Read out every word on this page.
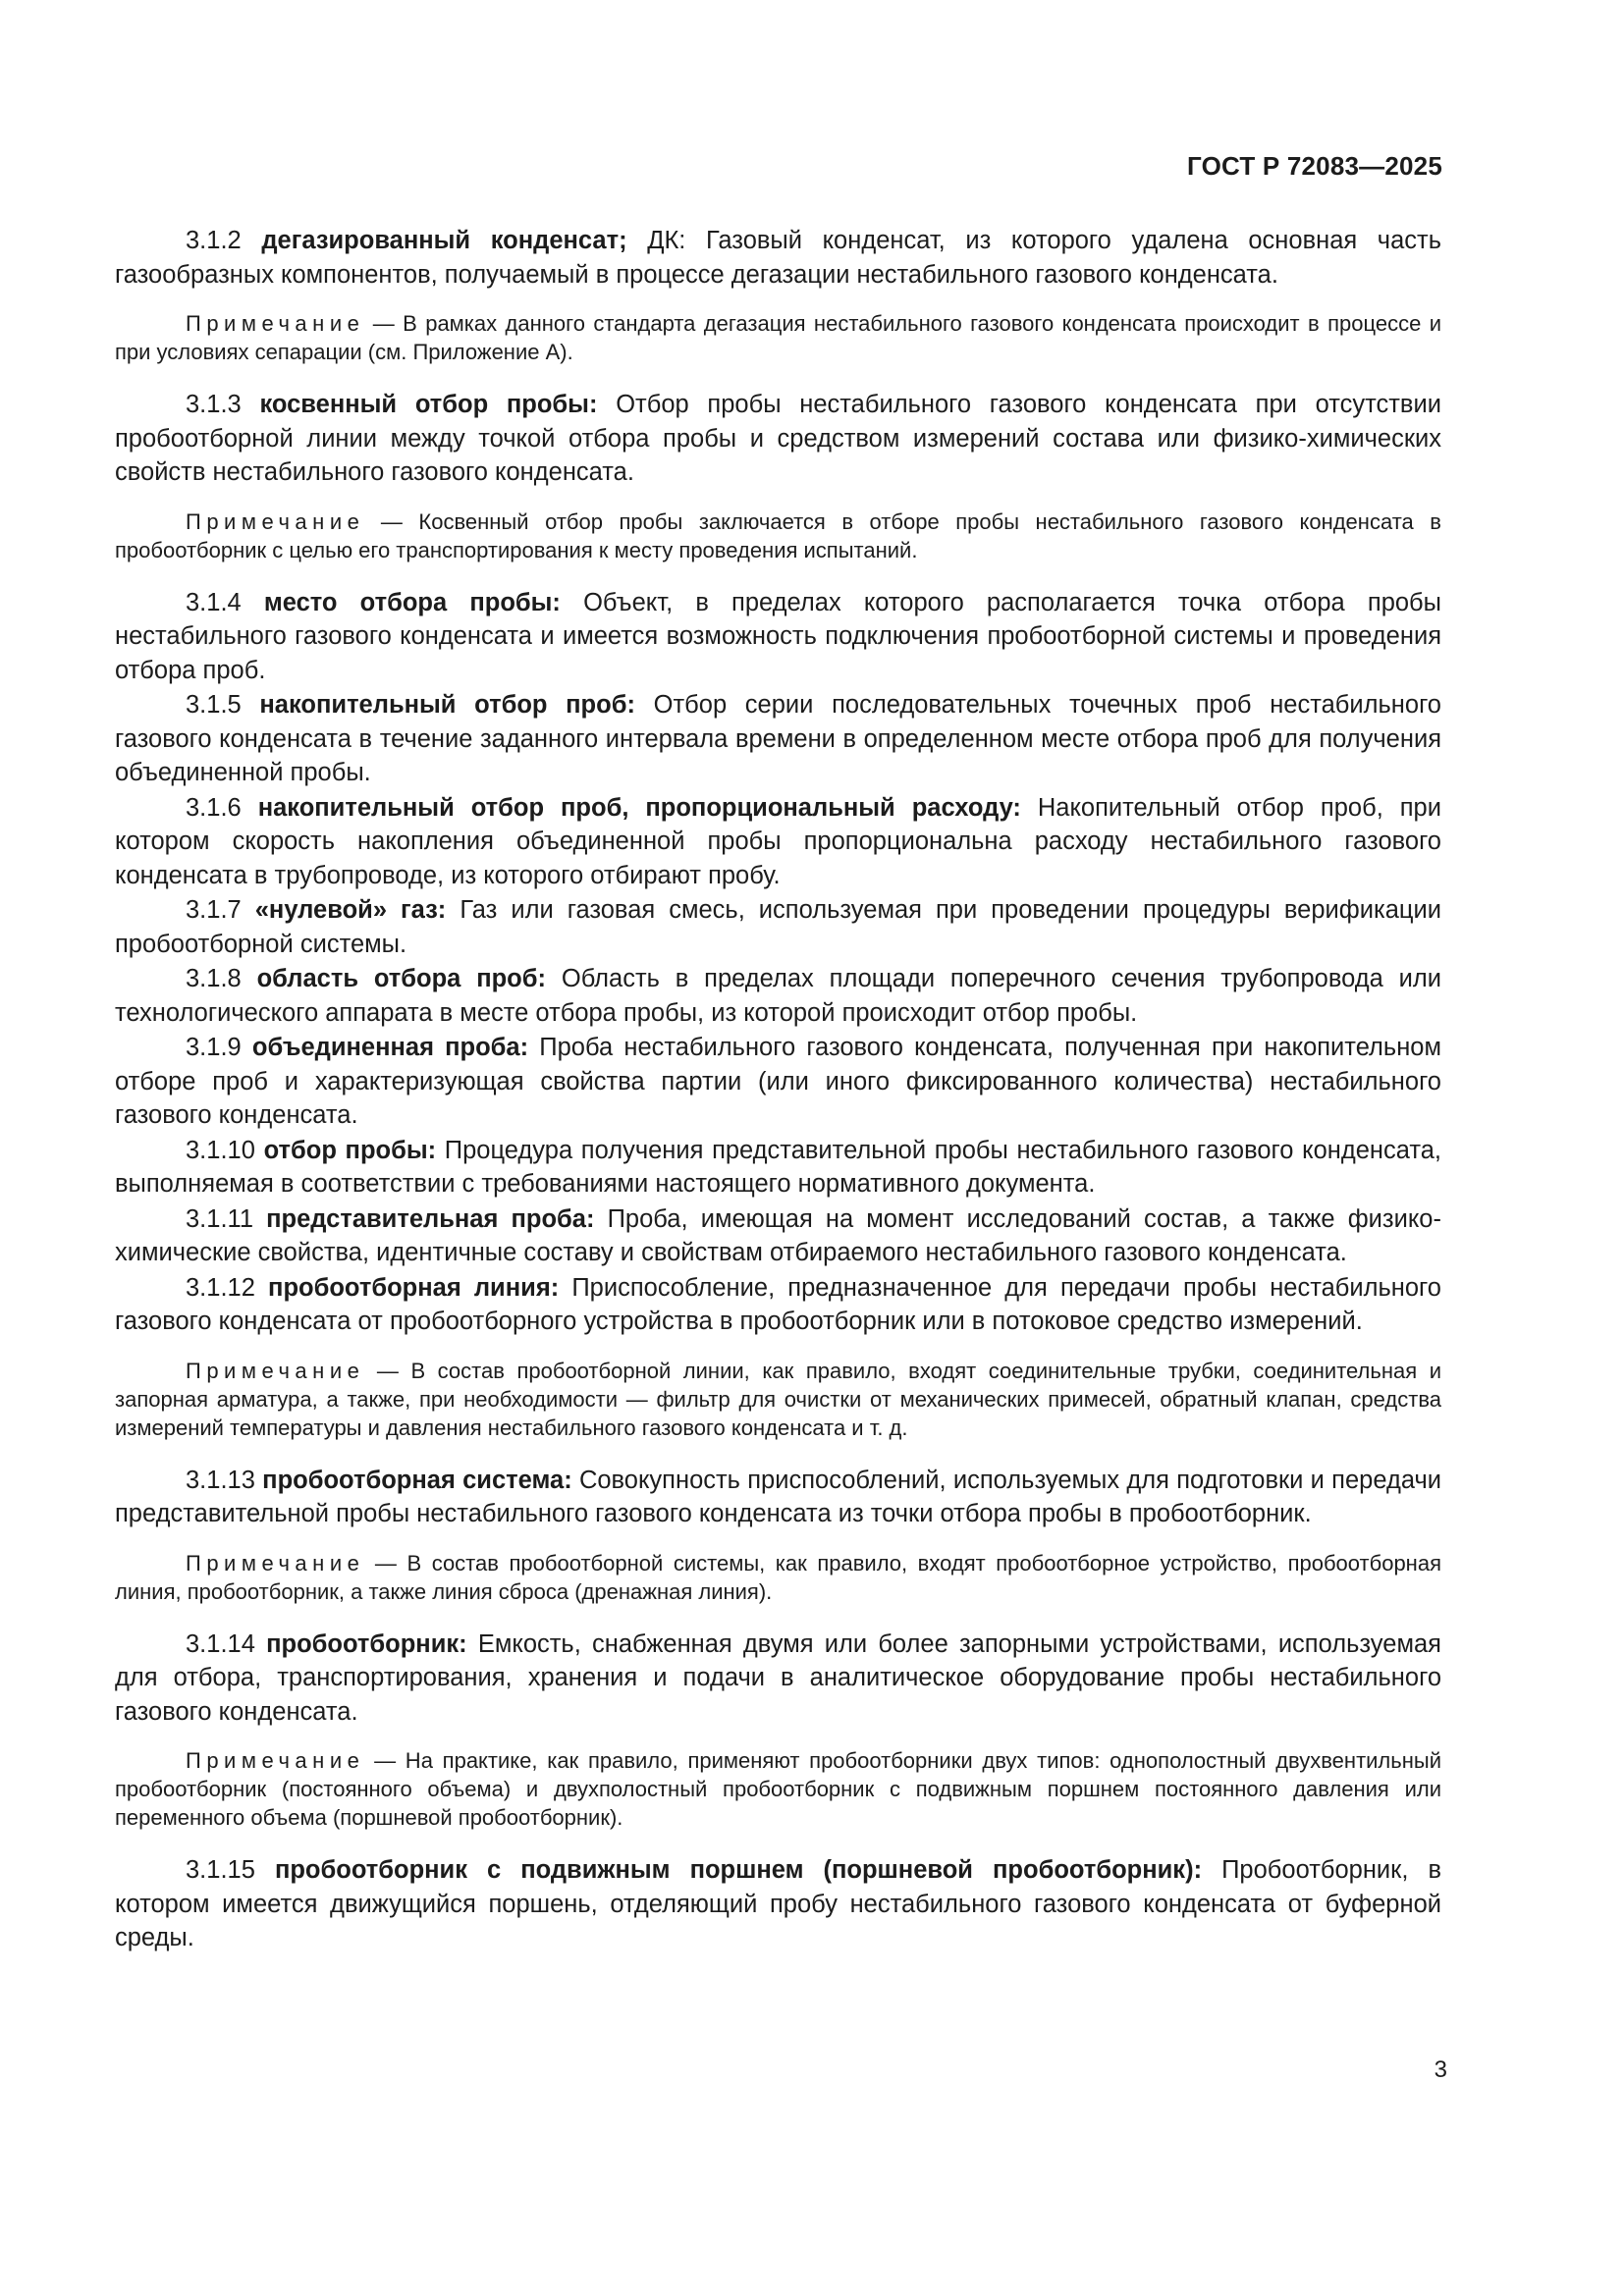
ГОСТ Р 72083—2025

3.1.2 дегазированный конденсат; ДК: Газовый конденсат, из которого удалена основная часть газообразных компонентов, получаемый в процессе дегазации нестабильного газового конденсата.

Примечание — В рамках данного стандарта дегазация нестабильного газового конденсата происходит в процессе и при условиях сепарации (см. Приложение А).

3.1.3 косвенный отбор пробы: Отбор пробы нестабильного газового конденсата при отсутствии пробоотборной линии между точкой отбора пробы и средством измерений состава или физико-химических свойств нестабильного газового конденсата.

Примечание — Косвенный отбор пробы заключается в отборе пробы нестабильного газового конденсата в пробоотборник с целью его транспортирования к месту проведения испытаний.

3.1.4 место отбора пробы: Объект, в пределах которого располагается точка отбора пробы нестабильного газового конденсата и имеется возможность подключения пробоотборной системы и проведения отбора проб.

3.1.5 накопительный отбор проб: Отбор серии последовательных точечных проб нестабильного газового конденсата в течение заданного интервала времени в определенном месте отбора проб для получения объединенной пробы.

3.1.6 накопительный отбор проб, пропорциональный расходу: Накопительный отбор проб, при котором скорость накопления объединенной пробы пропорциональна расходу нестабильного газового конденсата в трубопроводе, из которого отбирают пробу.

3.1.7 «нулевой» газ: Газ или газовая смесь, используемая при проведении процедуры верификации пробоотборной системы.

3.1.8 область отбора проб: Область в пределах площади поперечного сечения трубопровода или технологического аппарата в месте отбора пробы, из которой происходит отбор пробы.

3.1.9 объединенная проба: Проба нестабильного газового конденсата, полученная при накопительном отборе проб и характеризующая свойства партии (или иного фиксированного количества) нестабильного газового конденсата.

3.1.10 отбор пробы: Процедура получения представительной пробы нестабильного газового конденсата, выполняемая в соответствии с требованиями настоящего нормативного документа.

3.1.11 представительная проба: Проба, имеющая на момент исследований состав, а также физико-химические свойства, идентичные составу и свойствам отбираемого нестабильного газового конденсата.

3.1.12 пробоотборная линия: Приспособление, предназначенное для передачи пробы нестабильного газового конденсата от пробоотборного устройства в пробоотборник или в потоковое средство измерений.

Примечание — В состав пробоотборной линии, как правило, входят соединительные трубки, соединительная и запорная арматура, а также, при необходимости — фильтр для очистки от механических примесей, обратный клапан, средства измерений температуры и давления нестабильного газового конденсата и т. д.

3.1.13 пробоотборная система: Совокупность приспособлений, используемых для подготовки и передачи представительной пробы нестабильного газового конденсата из точки отбора пробы в пробоотборник.

Примечание — В состав пробоотборной системы, как правило, входят пробоотборное устройство, пробоотборная линия, пробоотборник, а также линия сброса (дренажная линия).

3.1.14 пробоотборник: Емкость, снабженная двумя или более запорными устройствами, используемая для отбора, транспортирования, хранения и подачи в аналитическое оборудование пробы нестабильного газового конденсата.

Примечание — На практике, как правило, применяют пробоотборники двух типов: однополостный двухвентильный пробоотборник (постоянного объема) и двухполостный пробоотборник с подвижным поршнем постоянного давления или переменного объема (поршневой пробоотборник).

3.1.15 пробоотборник с подвижным поршнем (поршневой пробоотборник): Пробоотборник, в котором имеется движущийся поршень, отделяющий пробу нестабильного газового конденсата от буферной среды.

3
